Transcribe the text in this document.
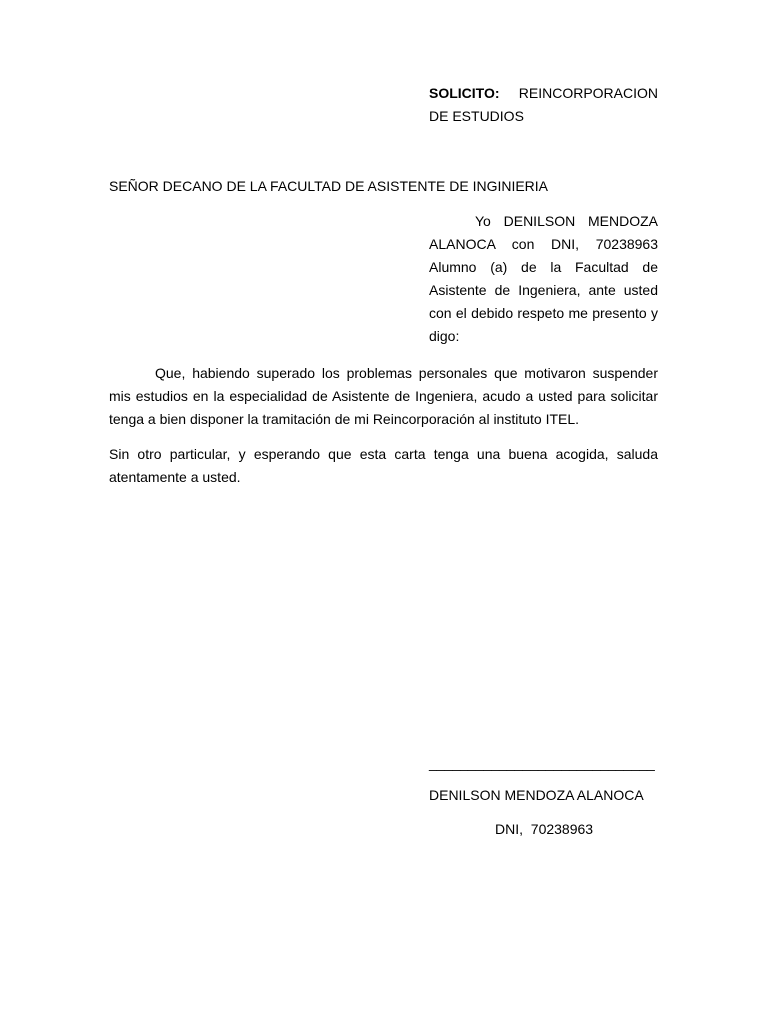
SOLICITO: REINCORPORACION DE ESTUDIOS
SEÑOR DECANO DE LA FACULTAD DE ASISTENTE DE INGINIERIA
Yo DENILSON MENDOZA ALANOCA con DNI, 70238963 Alumno (a) de la Facultad de Asistente de Ingeniera, ante usted con el debido respeto me presento y digo:
Que, habiendo superado los problemas personales que motivaron suspender mis estudios en la especialidad de Asistente de Ingeniera, acudo a usted para solicitar tenga a bien disponer la tramitación de mi Reincorporación al instituto ITEL.
Sin otro particular, y esperando que esta carta tenga una buena acogida, saluda atentamente a usted.
_____________________________
DENILSON MENDOZA ALANOCA
DNI,  70238963
